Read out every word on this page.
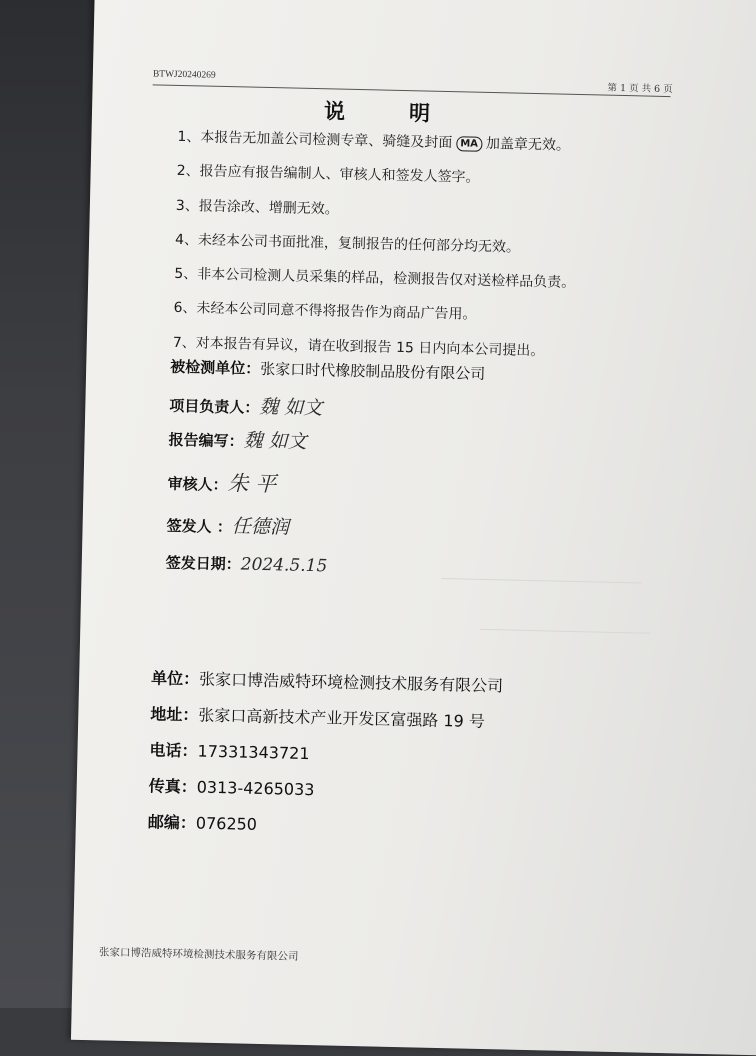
BTWJ20240269
第 1 页 共 6 页
说	明
1、本报告无加盖公司检测专章、骑缝及封面 MA 加盖章无效。
2、报告应有报告编制人、审核人和签发人签字。
3、报告涂改、增删无效。
4、未经本公司书面批准，复制报告的任何部分均无效。
5、非本公司检测人员采集的样品，检测报告仅对送检样品负责。
6、未经本公司同意不得将报告作为商品广告用。
7、对本报告有异议，请在收到报告 15 日内向本公司提出。
被检测单位：张家口时代橡胶制品股份有限公司
项目负责人：魏 如文
报告编写：魏 如文
审核人：朱 平
签发人 ：任德润
签发日期：2024.5.15
单位：张家口博浩威特环境检测技术服务有限公司
地址：张家口高新技术产业开发区富强路 19 号
电话：17331343721
传真：0313-4265033
邮编：076250
张家口博浩威特环境检测技术服务有限公司
